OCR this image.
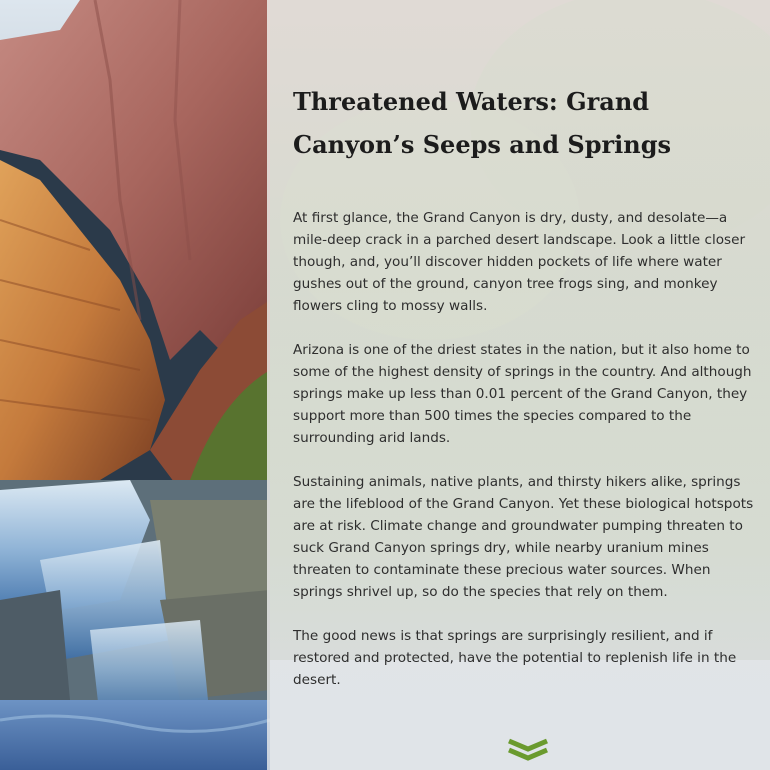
Threatened Waters: Grand Canyon’s Seeps and Springs

At first glance, the Grand Canyon is dry, dusty, and desolate—a mile-deep crack in a parched desert landscape. Look a little closer though, and, you’ll discover hidden pockets of life where water gushes out of the ground, canyon tree frogs sing, and monkey flowers cling to mossy walls.

Arizona is one of the driest states in the nation, but it also home to some of the highest density of springs in the country. And although springs make up less than 0.01 percent of the Grand Canyon, they support more than 500 times the species compared to the surrounding arid lands.

Sustaining animals, native plants, and thirsty hikers alike, springs are the lifeblood of the Grand Canyon. Yet these biological hotspots are at risk. Climate change and groundwater pumping threaten to suck Grand Canyon springs dry, while nearby uranium mines threaten to contaminate these precious water sources. When springs shrivel up, so do the species that rely on them.

The good news is that springs are surprisingly resilient, and if restored and protected, have the potential to replenish life in the desert.
